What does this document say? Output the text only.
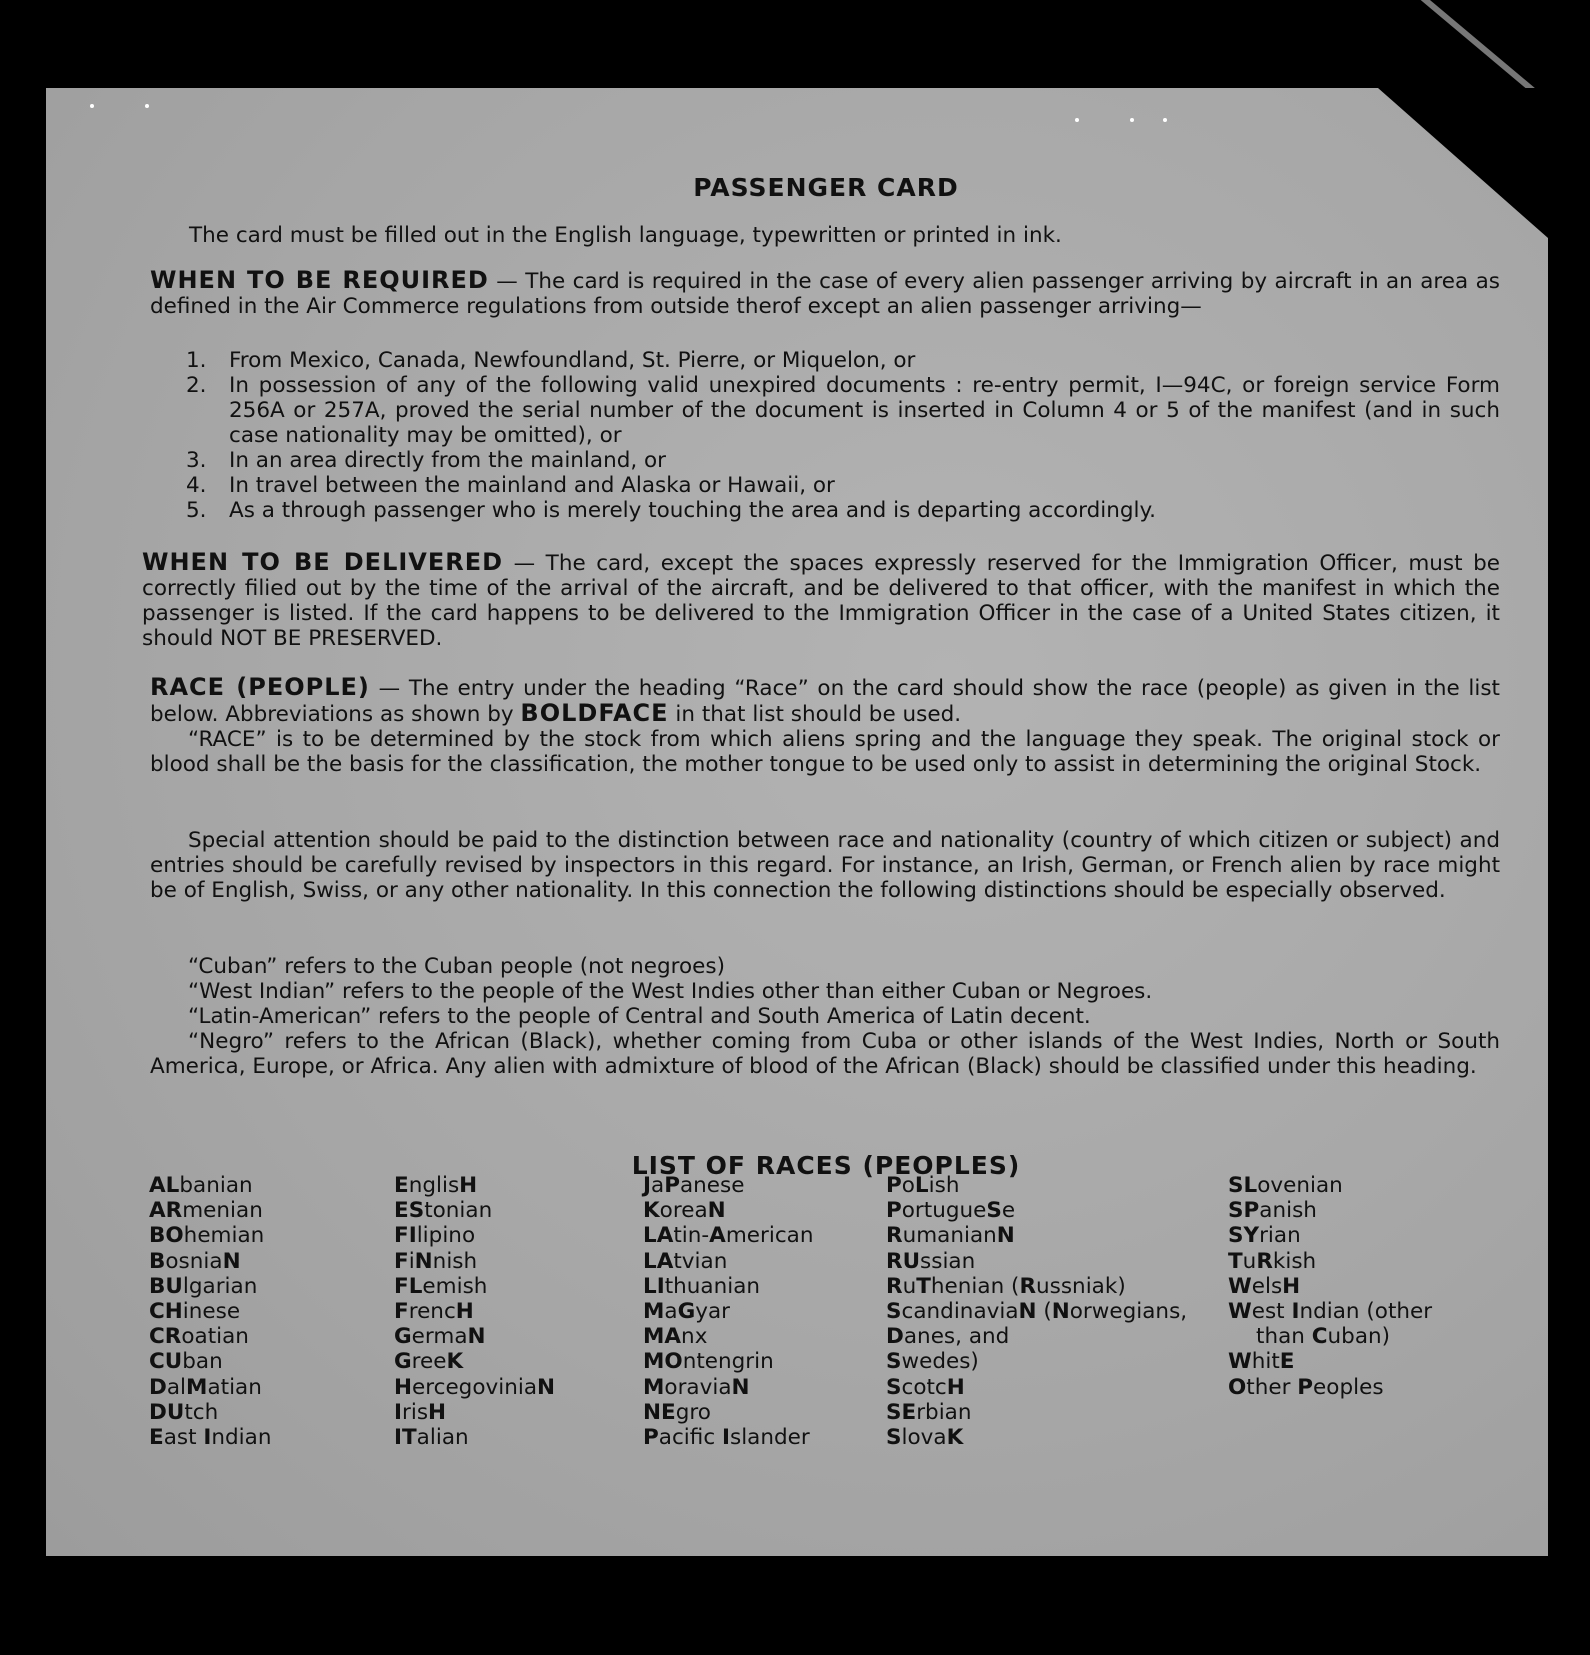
PASSENGER CARD

The card must be filled out in the English language, typewritten or printed in ink.

WHEN TO BE REQUIRED — The card is required in the case of every alien passenger arriving by aircraft in an area as defined in the Air Commerce regulations from outside therof except an alien passenger arriving—

1.	From Mexico, Canada, Newfoundland, St. Pierre, or Miquelon, or
2.	In possession of any of the following valid unexpired documents : re-entry permit, I—94C, or foreign service Form 256A or 257A, proved the serial number of the document is inserted in Column 4 or 5 of the manifest (and in such case nationality may be omitted), or
3.	In an area directly from the mainland, or
4.	In travel between the mainland and Alaska or Hawaii, or
5.	As a through passenger who is merely touching the area and is departing accordingly.

WHEN TO BE DELIVERED — The card, except the spaces expressly reserved for the Immigration Officer, must be correctly filied out by the time of the arrival of the aircraft, and be delivered to that officer, with the manifest in which the passenger is listed. If the card happens to be delivered to the Immigration Officer in the case of a United States citizen, it should NOT BE PRESERVED.

RACE (PEOPLE) — The entry under the heading “Race” on the card should show the race (people) as given in the list below. Abbreviations as shown by BOLDFACE in that list should be used.
“RACE” is to be determined by the stock from which aliens spring and the language they speak. The original stock or blood shall be the basis for the classification, the mother tongue to be used only to assist in determining the original Stock.

Special attention should be paid to the distinction between race and nationality (country of which citizen or subject) and entries should be carefully revised by inspectors in this regard. For instance, an Irish, German, or French alien by race might be of English, Swiss, or any other nationality. In this connection the following distinctions should be especially observed.

“Cuban” refers to the Cuban people (not negroes)
“West Indian” refers to the people of the West Indies other than either Cuban or Negroes.
“Latin-American” refers to the people of Central and South America of Latin decent.
“Negro” refers to the African (Black), whether coming from Cuba or other islands of the West Indies, North or South America, Europe, or Africa. Any alien with admixture of blood of the African (Black) should be classified under this heading.
LIST OF RACES (PEOPLES)
ALbanian
ARmenian
BOhemian
BosniaN
BUlgarian
CHinese
CRoatian
CUban
DalMatian
DUtch
East Indian
EnglisH
EStonian
FIlipino
FiNnish
FLemish
FrencH
GermaN
GreeK
HercegoviniaN
IrisH
ITalian
JaPanese
KoreaN
LAtin-American
LAtvian
LIthuanian
MaGyar
MAnx
MOntengrin
MoraviaN
NEgro
Pacifc Islander
PoLish
PortugueSe
RumanianN
RUssian
RuThenian (Russniak)
ScandinaviaN (Norwegians,
Danes, and
Swedes)
ScotcH
SErbian
SlovaK
SLovenian
SPanish
SYrian
TuRkish
WelsH
West Indian (other
than Cuban)
WhitE
Other Peoples
